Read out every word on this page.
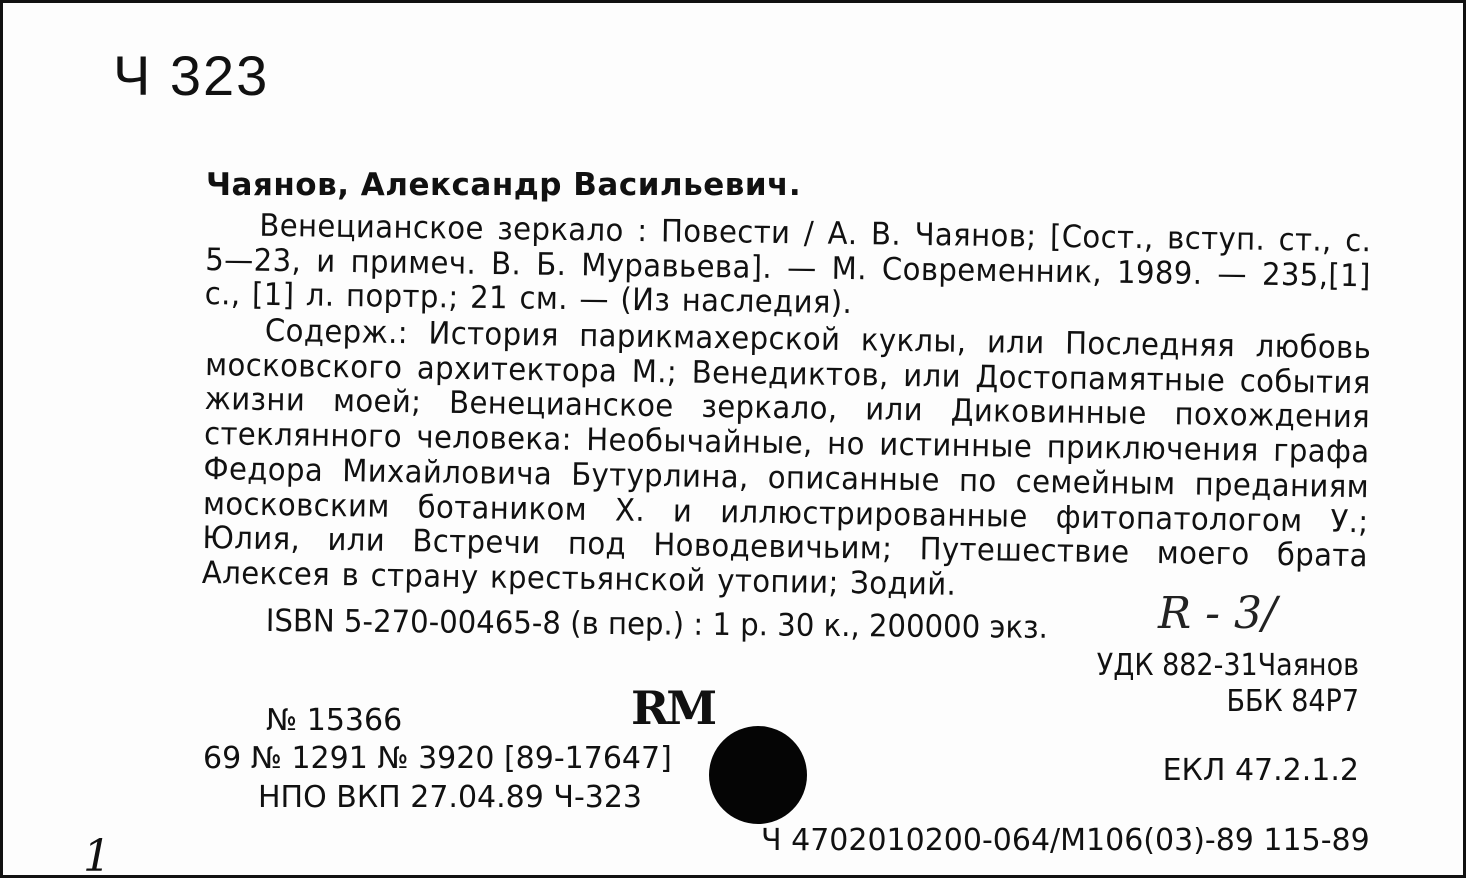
Ч 323
Чаянов, Александр Васильевич.
Венецианское зеркало : Повести / А. В. Чаянов; [Сост., вступ. ст., с. 5—23, и примеч. В. Б. Муравьева]. — М. Современник, 1989. — 235,[1] с., [1] л. портр.; 21 см. — (Из наследия).
Содерж.: История парикмахерской куклы, или Последняя любовь московского архитектора М.; Венедиктов, или Достопамятные события жизни моей; Венецианское зеркало, или Диковинные похождения стеклянного человека: Необычайные, но истинные приключения графа Федора Михайловича Бутурлина, описанные по семейным преданиям московским ботаником Х. и иллюстрированные фитопатологом У.; Юлия, или Встречи под Новодевичьим; Путешествие моего брата Алексея в страну крестьянской утопии; Зодий.
ISBN 5-270-00465-8 (в пер.) : 1 р. 30 к., 200000 экз.	R - 3/
УДК 882-31Чаянов
ББК 84Р7
ЕКЛ 47.2.1.2
№ 15366	RM
69 № 1291 № 3920 [89-17647]
НПО ВКП 27.04.89 Ч-323
Ч 4702010200-064/M106(03)-89 115-89
1
